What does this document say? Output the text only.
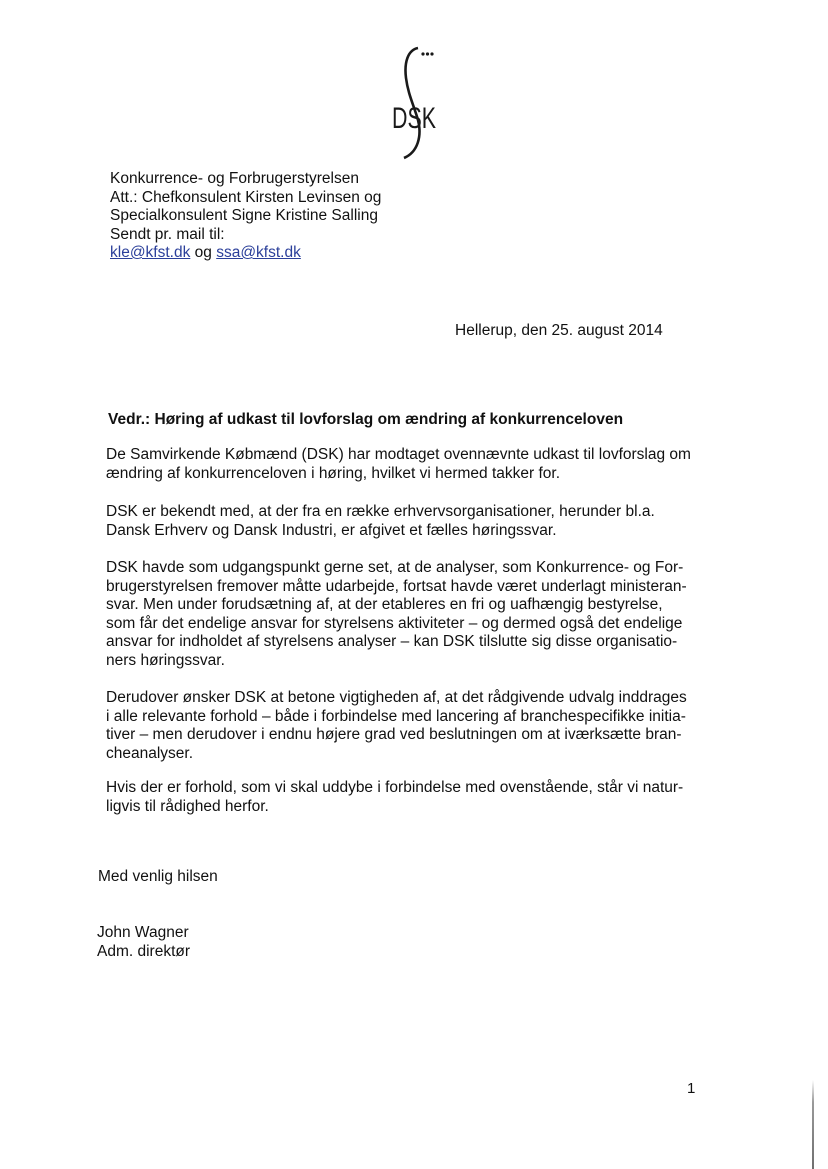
DSK
Konkurrence- og Forbrugerstyrelsen
Att.: Chefkonsulent Kirsten Levinsen og
Specialkonsulent Signe Kristine Salling
Sendt pr. mail til:
kle@kfst.dk og ssa@kfst.dk
Hellerup, den 25. august 2014
Vedr.: Høring af udkast til lovforslag om ændring af konkurrenceloven
De Samvirkende Købmænd (DSK) har modtaget ovennævnte udkast til lovforslag om
ændring af konkurrenceloven i høring, hvilket vi hermed takker for.
DSK er bekendt med, at der fra en række erhvervsorganisationer, herunder bl.a.
Dansk Erhverv og Dansk Industri, er afgivet et fælles høringssvar.
DSK havde som udgangspunkt gerne set, at de analyser, som Konkurrence- og For-
brugerstyrelsen fremover måtte udarbejde, fortsat havde været underlagt ministeran-
svar. Men under forudsætning af, at der etableres en fri og uafhængig bestyrelse,
som får det endelige ansvar for styrelsens aktiviteter – og dermed også det endelige
ansvar for indholdet af styrelsens analyser – kan DSK tilslutte sig disse organisatio-
ners høringssvar.
Derudover ønsker DSK at betone vigtigheden af, at det rådgivende udvalg inddrages
i alle relevante forhold – både i forbindelse med lancering af branchespecifikke initia-
tiver – men derudover i endnu højere grad ved beslutningen om at iværksætte bran-
cheanalyser.
Hvis der er forhold, som vi skal uddybe i forbindelse med ovenstående, står vi natur-
ligvis til rådighed herfor.
Med venlig hilsen
John Wagner
Adm. direktør
1
